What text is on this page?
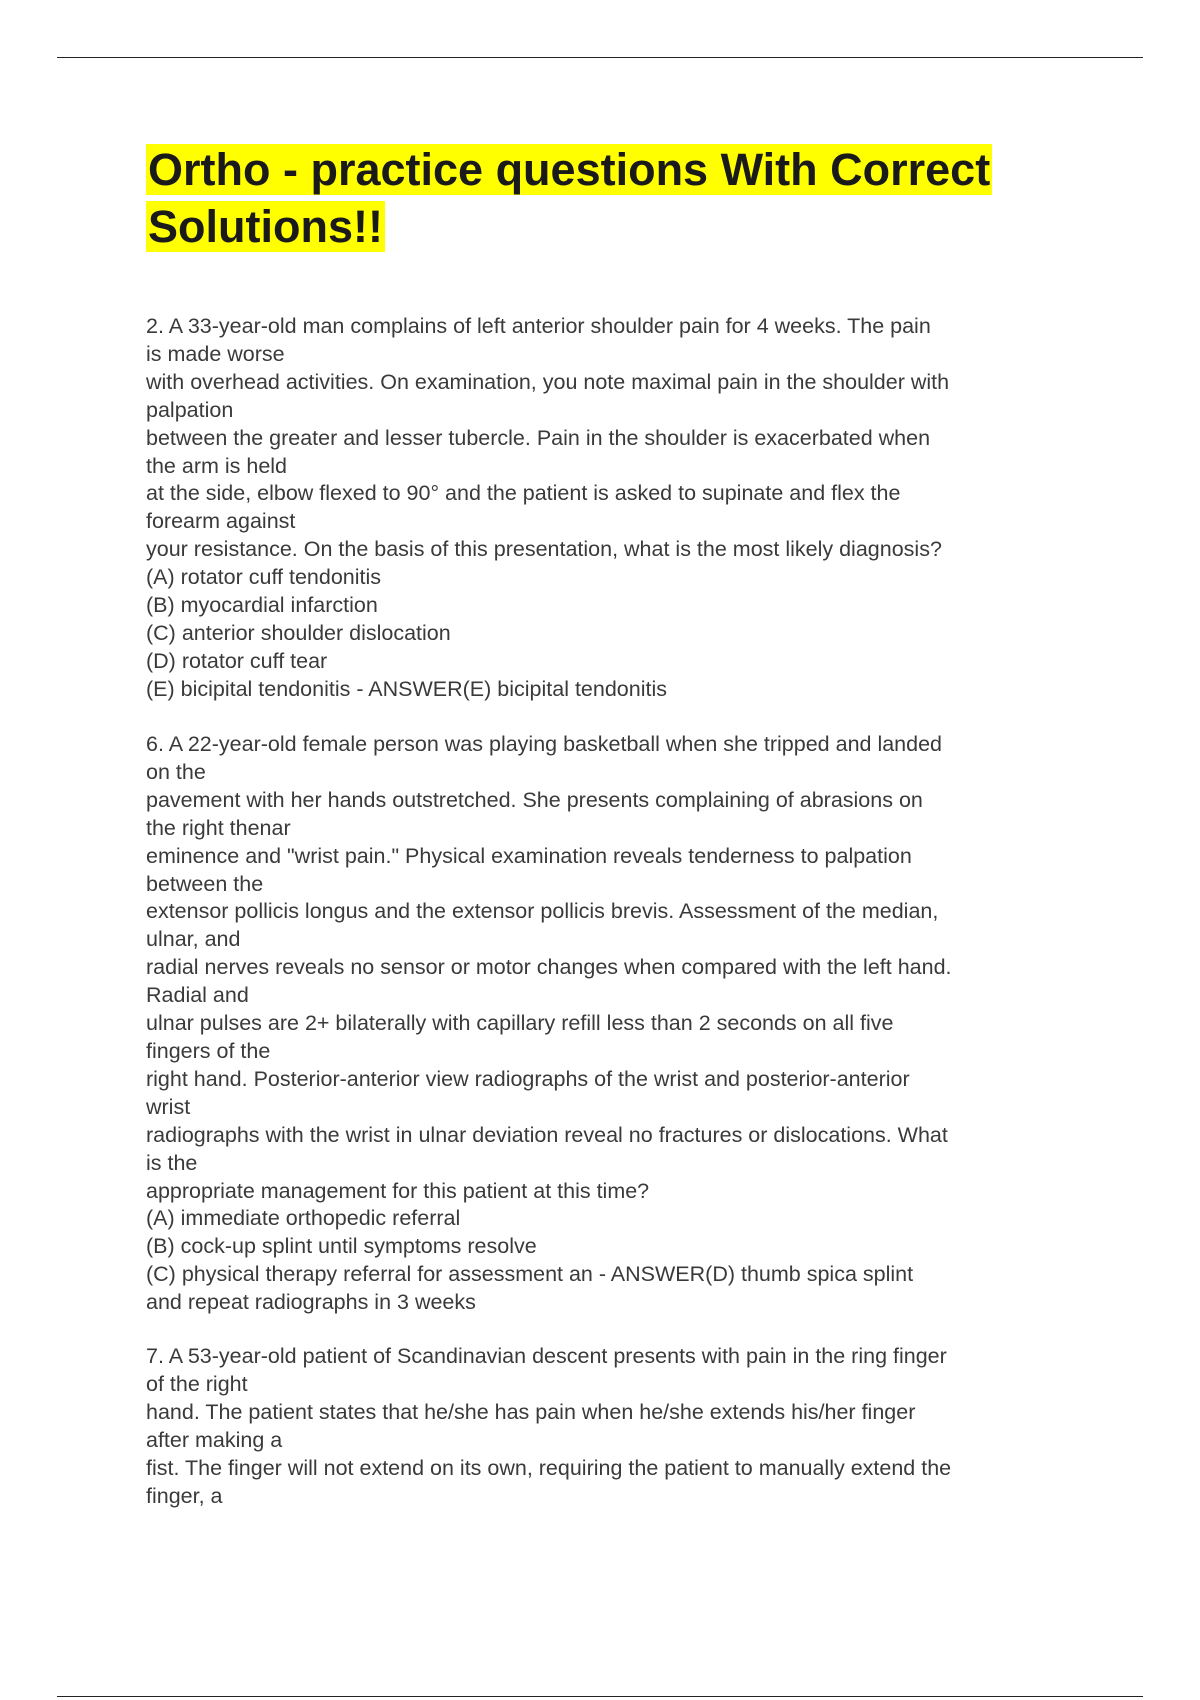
Ortho - practice questions With Correct Solutions!!
2. A 33-year-old man complains of left anterior shoulder pain for 4 weeks. The pain
is made worse
with overhead activities. On examination, you note maximal pain in the shoulder with
palpation
between the greater and lesser tubercle. Pain in the shoulder is exacerbated when
the arm is held
at the side, elbow flexed to 90° and the patient is asked to supinate and flex the
forearm against
your resistance. On the basis of this presentation, what is the most likely diagnosis?
(A) rotator cuff tendonitis
(B) myocardial infarction
(C) anterior shoulder dislocation
(D) rotator cuff tear
(E) bicipital tendonitis - ANSWER(E) bicipital tendonitis
6. A 22-year-old female person was playing basketball when she tripped and landed
on the
pavement with her hands outstretched. She presents complaining of abrasions on
the right thenar
eminence and "wrist pain." Physical examination reveals tenderness to palpation
between the
extensor pollicis longus and the extensor pollicis brevis. Assessment of the median,
ulnar, and
radial nerves reveals no sensor or motor changes when compared with the left hand.
Radial and
ulnar pulses are 2+ bilaterally with capillary refill less than 2 seconds on all five
fingers of the
right hand. Posterior-anterior view radiographs of the wrist and posterior-anterior
wrist
radiographs with the wrist in ulnar deviation reveal no fractures or dislocations. What
is the
appropriate management for this patient at this time?
(A) immediate orthopedic referral
(B) cock-up splint until symptoms resolve
(C) physical therapy referral for assessment an - ANSWER(D) thumb spica splint
and repeat radiographs in 3 weeks
7. A 53-year-old patient of Scandinavian descent presents with pain in the ring finger
of the right
hand. The patient states that he/she has pain when he/she extends his/her finger
after making a
fist. The finger will not extend on its own, requiring the patient to manually extend the
finger, a
